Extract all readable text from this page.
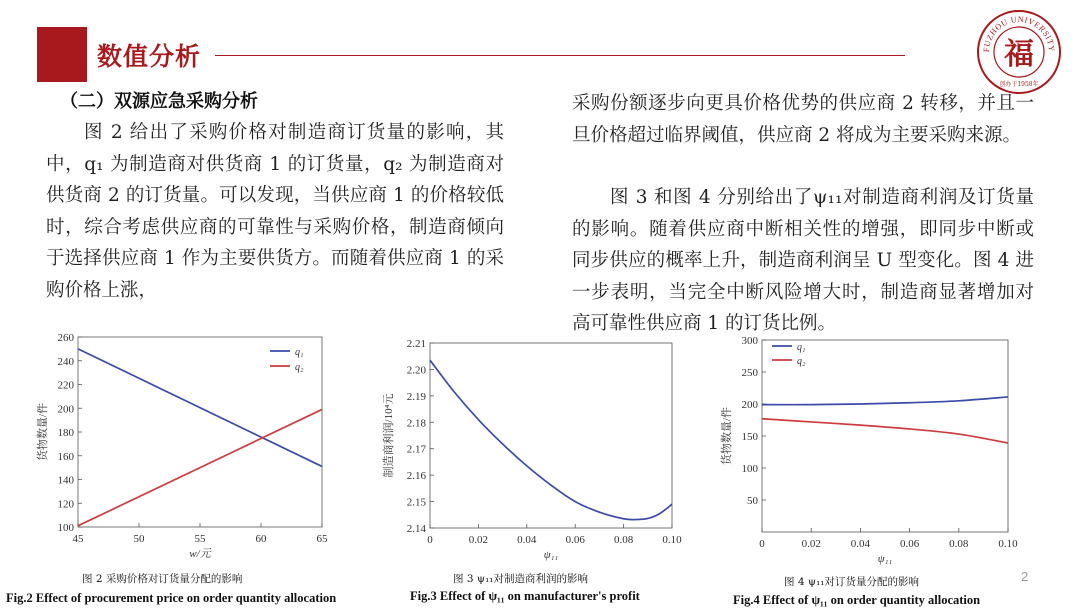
数值分析	FUZHOU UNIVERSITY
福
创办于1958年
（二）双源应急采购分析

图 2 给出了采购价格对制造商订货量的影响，其中，q₁ 为制造商对供货商 1 的订货量，q₂ 为制造商对供货商 2 的订货量。可以发现，当供应商 1 的价格较低时，综合考虑供应商的可靠性与采购价格，制造商倾向于选择供应商 1 作为主要供货方。而随着供应商 1 的采购价格上涨，

采购份额逐步向更具价格优势的供应商 2 转移，并且一旦价格超过临界阈值，供应商 2 将成为主要采购来源。

图 3 和图 4 分别给出了ψ₁₁对制造商利润及订货量的影响。随着供应商中断相关性的增强，即同步中断或同步供应的概率上升，制造商利润呈 U 型变化。图 4 进一步表明，当完全中断风险增大时，制造商显著增加对高可靠性供应商 1 的订货比例。

100
120
140
160
180
200
220
240
260
45	50	55	60	65
w/元
货物数量/件
q₁
q₂
2.14
2.15
2.16
2.17
2.18
2.19
2.20
2.21
0	0.02	0.04	0.06	0.08	0.10
ψ₁₁
制造商利润/10⁴元
50
100
150
200
250
300
0	0.02	0.04	0.06	0.08	0.10
ψ₁₁
货物数量/件
q₁
q₂
图 2 采购价格对订货量分配的影响
Fig.2 Effect of procurement price on order quantity allocation
图 3 ψ₁₁对制造商利润的影响
Fig.3 Effect of ψ₁₁ on manufacturer's profit
图 4 ψ₁₁对订货量分配的影响
Fig.4 Effect of ψ₁₁ on order quantity allocation
2
